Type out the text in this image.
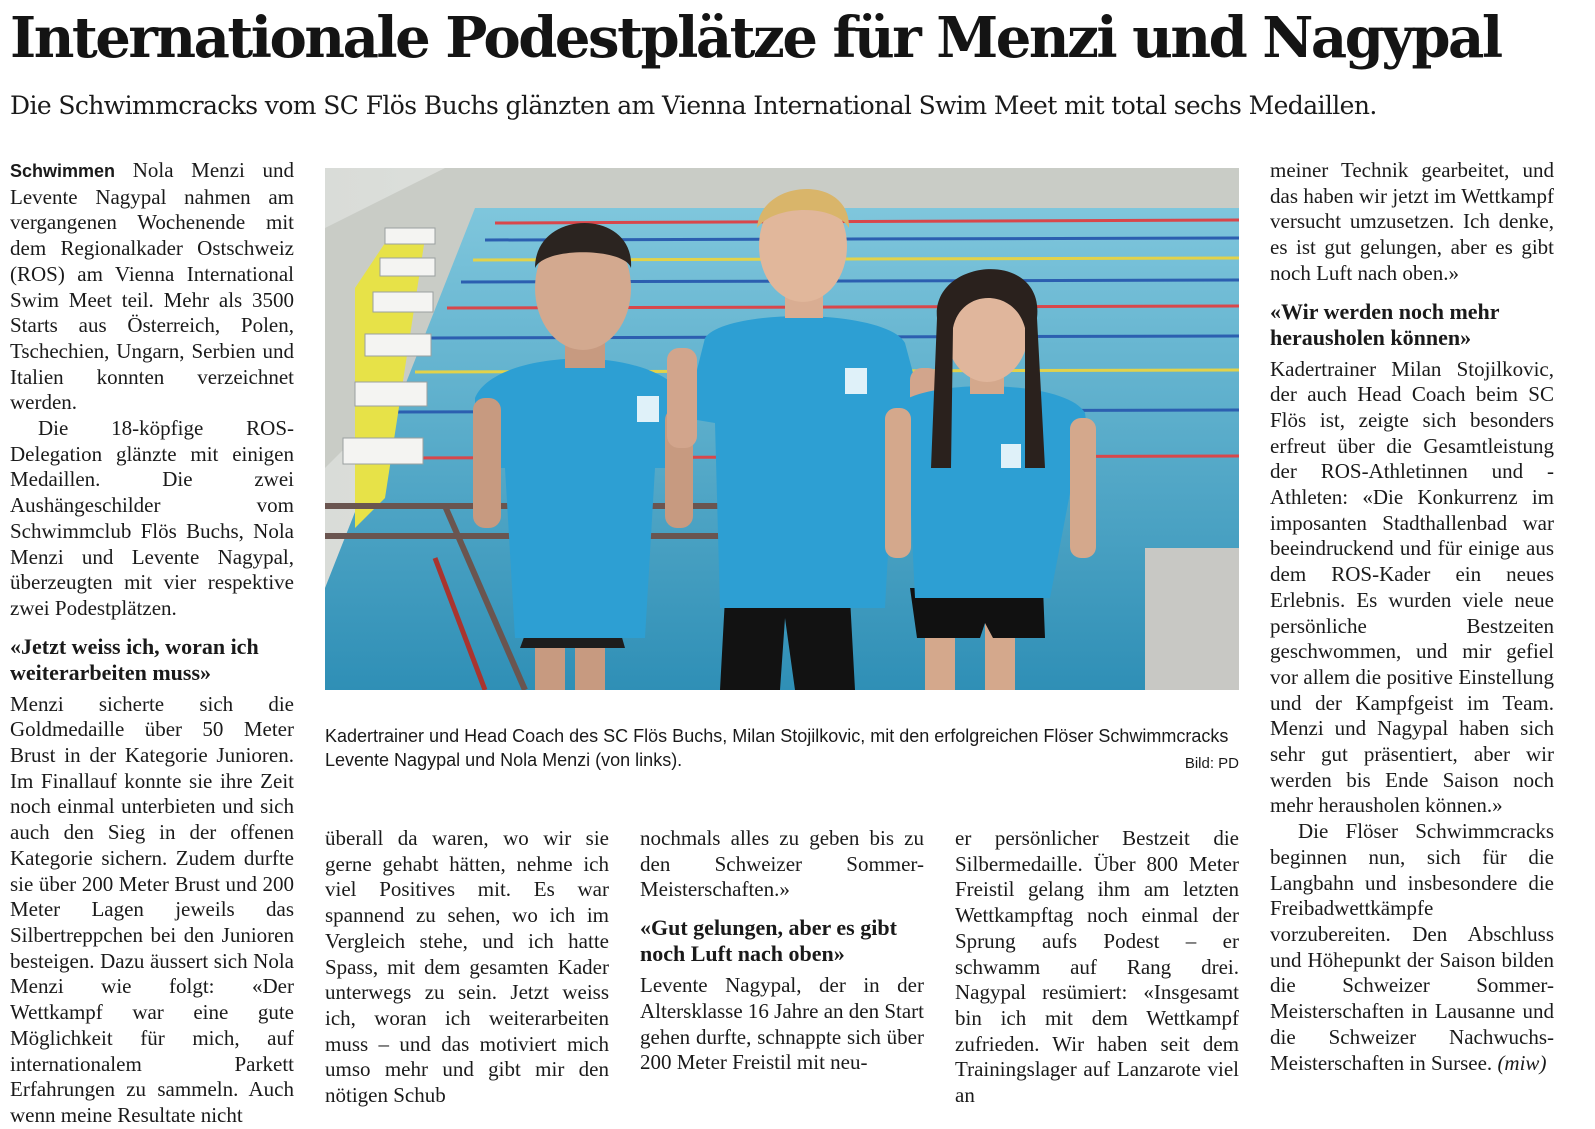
Internationale Podestplätze für Menzi und Nagypal
Die Schwimmcracks vom SC Flös Buchs glänzten am Vienna International Swim Meet mit total sechs Medaillen.

Schwimmen Nola Menzi und Levente Nagypal nahmen am vergangenen Wochenende mit dem Regionalkader Ostschweiz (ROS) am Vienna International Swim Meet teil. Mehr als 3500 Starts aus Österreich, Polen, Tschechien, Ungarn, Serbien und Italien konnten verzeichnet werden.

Die 18-köpfige ROS-Delegation glänzte mit einigen Medaillen. Die zwei Aushängeschilder vom Schwimmclub Flös Buchs, Nola Menzi und Levente Nagypal, überzeugten mit vier respektive zwei Podestplätzen.

«Jetzt weiss ich, woran ich weiterarbeiten muss»

Menzi sicherte sich die Goldmedaille über 50 Meter Brust in der Kategorie Junioren. Im Finallauf konnte sie ihre Zeit noch einmal unterbieten und sich auch den Sieg in der offenen Kategorie sichern. Zudem durfte sie über 200 Meter Brust und 200 Meter Lagen jeweils das Silbertreppchen bei den Junioren besteigen. Dazu äussert sich Nola Menzi wie folgt: «Der Wettkampf war eine gute Möglichkeit für mich, auf internationalem Parkett Erfahrungen zu sammeln. Auch wenn meine Resultate nicht

Kadertrainer und Head Coach des SC Flös Buchs, Milan Stojilkovic, mit den erfolgreichen Flöser Schwimmcracks Levente Nagypal und Nola Menzi (von links).	Bild: PD

überall da waren, wo wir sie gerne gehabt hätten, nehme ich viel Positives mit. Es war spannend zu sehen, wo ich im Vergleich stehe, und ich hatte Spass, mit dem gesamten Kader unterwegs zu sein. Jetzt weiss ich, woran ich weiterarbeiten muss – und das motiviert mich umso mehr und gibt mir den nötigen Schub

nochmals alles zu geben bis zu den Schweizer Sommer-Meisterschaften.»

«Gut gelungen, aber es gibt noch Luft nach oben»

Levente Nagypal, der in der Altersklasse 16 Jahre an den Start gehen durfte, schnappte sich über 200 Meter Freistil mit neu-

er persönlicher Bestzeit die Silbermedaille. Über 800 Meter Freistil gelang ihm am letzten Wettkampftag noch einmal der Sprung aufs Podest – er schwamm auf Rang drei. Nagypal resümiert: «Insgesamt bin ich mit dem Wettkampf zufrieden. Wir haben seit dem Trainingslager auf Lanzarote viel an

meiner Technik gearbeitet, und das haben wir jetzt im Wettkampf versucht umzusetzen. Ich denke, es ist gut gelungen, aber es gibt noch Luft nach oben.»

«Wir werden noch mehr herausholen können»

Kadertrainer Milan Stojilkovic, der auch Head Coach beim SC Flös ist, zeigte sich besonders erfreut über die Gesamtleistung der ROS-Athletinnen und -Athleten: «Die Konkurrenz im imposanten Stadthallenbad war beeindruckend und für einige aus dem ROS-Kader ein neues Erlebnis. Es wurden viele neue persönliche Bestzeiten geschwommen, und mir gefiel vor allem die positive Einstellung und der Kampfgeist im Team. Menzi und Nagypal haben sich sehr gut präsentiert, aber wir werden bis Ende Saison noch mehr herausholen können.»

Die Flöser Schwimmcracks beginnen nun, sich für die Langbahn und insbesondere die Freibadwettkämpfe vorzubereiten. Den Abschluss und Höhepunkt der Saison bilden die Schweizer Sommer-Meisterschaften in Lausanne und die Schweizer Nachwuchs-Meisterschaften in Sursee. (miw)
